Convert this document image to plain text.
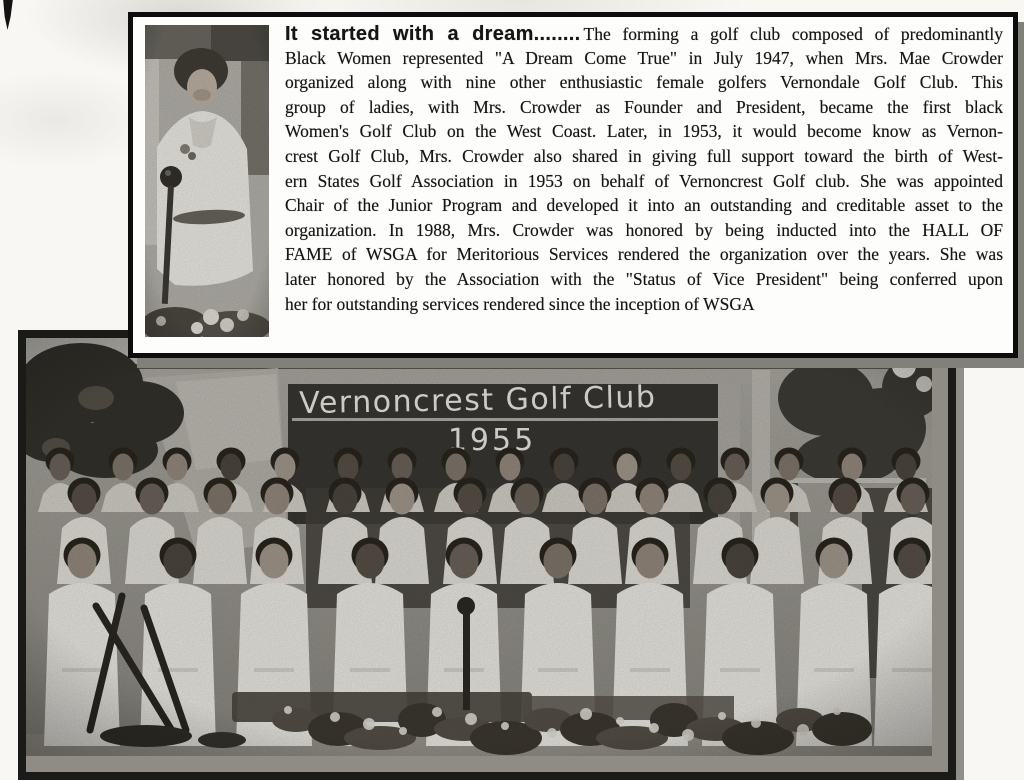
It started with a dream........ The forming a golf club composed of predominantly
Black Women represented "A Dream Come True" in July 1947, when Mrs. Mae Crowder
organized along with nine other enthusiastic female golfers Vernondale Golf Club. This
group of ladies, with Mrs. Crowder as Founder and President, became the first black
Women's Golf Club on the West Coast. Later, in 1953, it would become know as Vernon-
crest Golf Club, Mrs. Crowder also shared in giving full support toward the birth of West-
ern States Golf Association in 1953 on behalf of Vernoncrest Golf club. She was appointed
Chair of the Junior Program and developed it into an outstanding and creditable asset to the
organization. In 1988, Mrs. Crowder was honored by being inducted into the HALL OF
FAME of WSGA for Meritorious Services rendered the organization over the years. She was
later honored by the Association with the "Status of Vice President" being conferred upon
her for outstanding services rendered since the inception of WSGA
